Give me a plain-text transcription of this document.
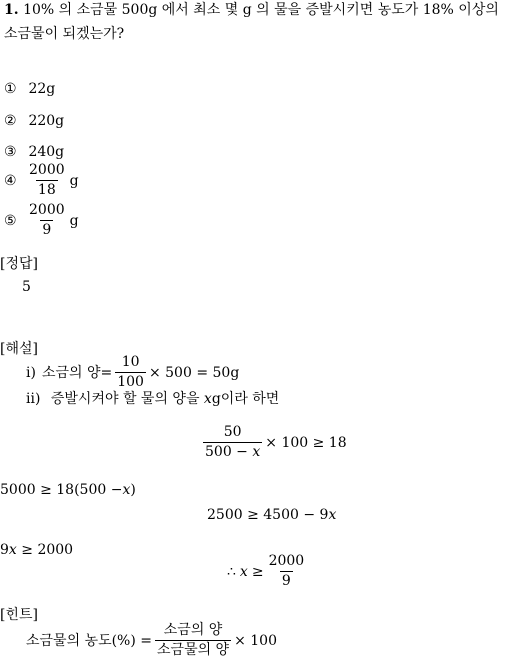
1. 10% 의 소금물 500g 에서 최소 몇 g 의 물을 증발시키면 농도가 18% 이상의
소금물이 되겠는가?
① 22g
② 220g
③ 240g
④ $\frac{2000}{18}$ g
⑤ $\frac{2000}{9}$ g
[정답]
5
[해설]
ⅰ) 소금의 양= $\frac{10}{100} \times 500 = 50g$
ⅱ) 증발시켜야 할 물의 양을 xg이라 하면
$\frac{50}{500 - x} \times 100 \ge 18$
5000 ≥ 18(500 −x)
2500 ≥ 4500 − 9x
9x ≥ 2000
∴ $x \ge \frac{2000}{9}$
[힌트]
소금물의 농도(%) = $\frac{\text{소금의 양}}{\text{소금물의 양}} \times 100$
